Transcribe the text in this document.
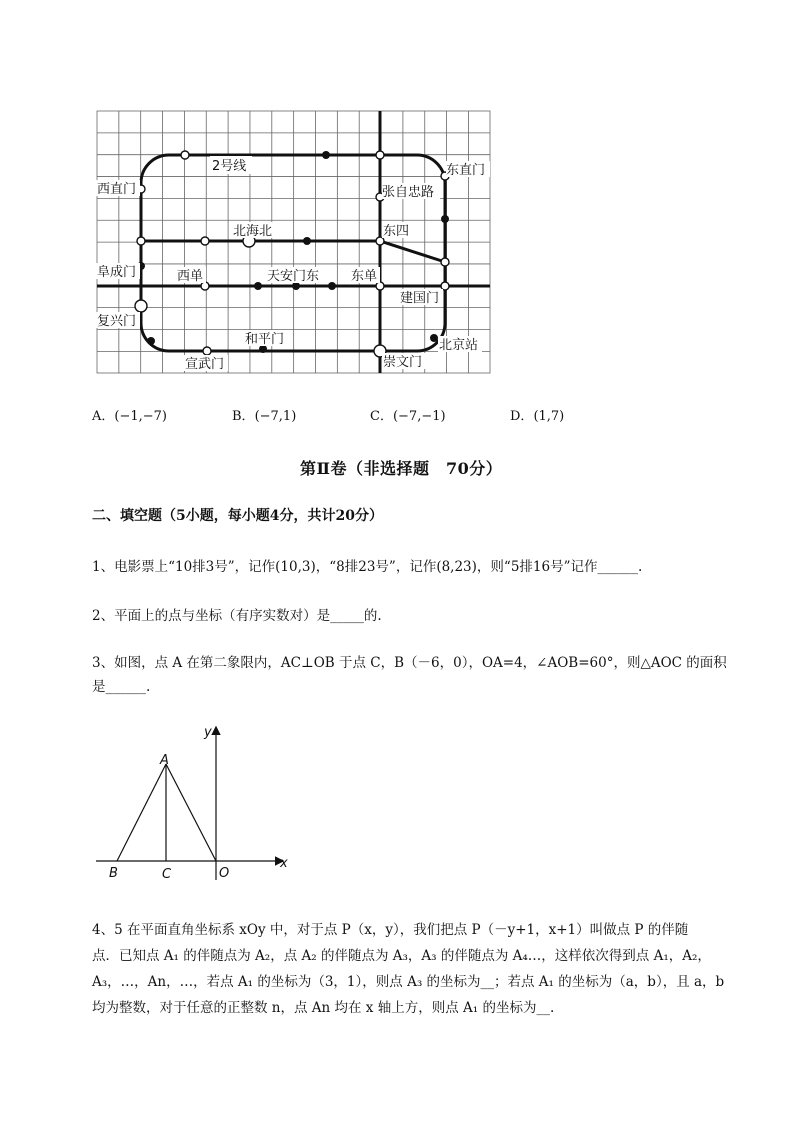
2号线
西直门
东直门
张自忠路
北海北	东四
阜成门	西单	天安门东 东单
建国门
复兴门
和平门	北京站
宣武门	崇文门
A．(−1,−7)	B．(−7,1)	C．(−7,−1)	D．(1,7)
第Ⅱ卷（非选择题　70分）
二、填空题（5小题，每小题4分，共计20分）
1、电影票上“10排3号”，记作(10,3)，“8排23号”，记作(8,23)，则“5排16号”记作______.
2、平面上的点与坐标（有序实数对）是_____的.
3、如图，点 A 在第二象限内，AC⊥OB 于点 C，B（－6，0），OA=4，∠AOB=60°，则△AOC 的面积
是______.
y
x
A
B	C	O
4、5 在平面直角坐标系 xOy 中，对于点 P（x，y），我们把点 P（－y+1，x+1）叫做点 P 的伴随
点．已知点 A₁ 的伴随点为 A₂，点 A₂ 的伴随点为 A₃，A₃ 的伴随点为 A₄…，这样依次得到点 A₁，A₂，
A₃，…，An，…，若点 A₁ 的坐标为（3，1），则点 A₃ 的坐标为__；若点 A₁ 的坐标为（a，b），且 a，b
均为整数，对于任意的正整数 n，点 An 均在 x 轴上方，则点 A₁ 的坐标为__.
